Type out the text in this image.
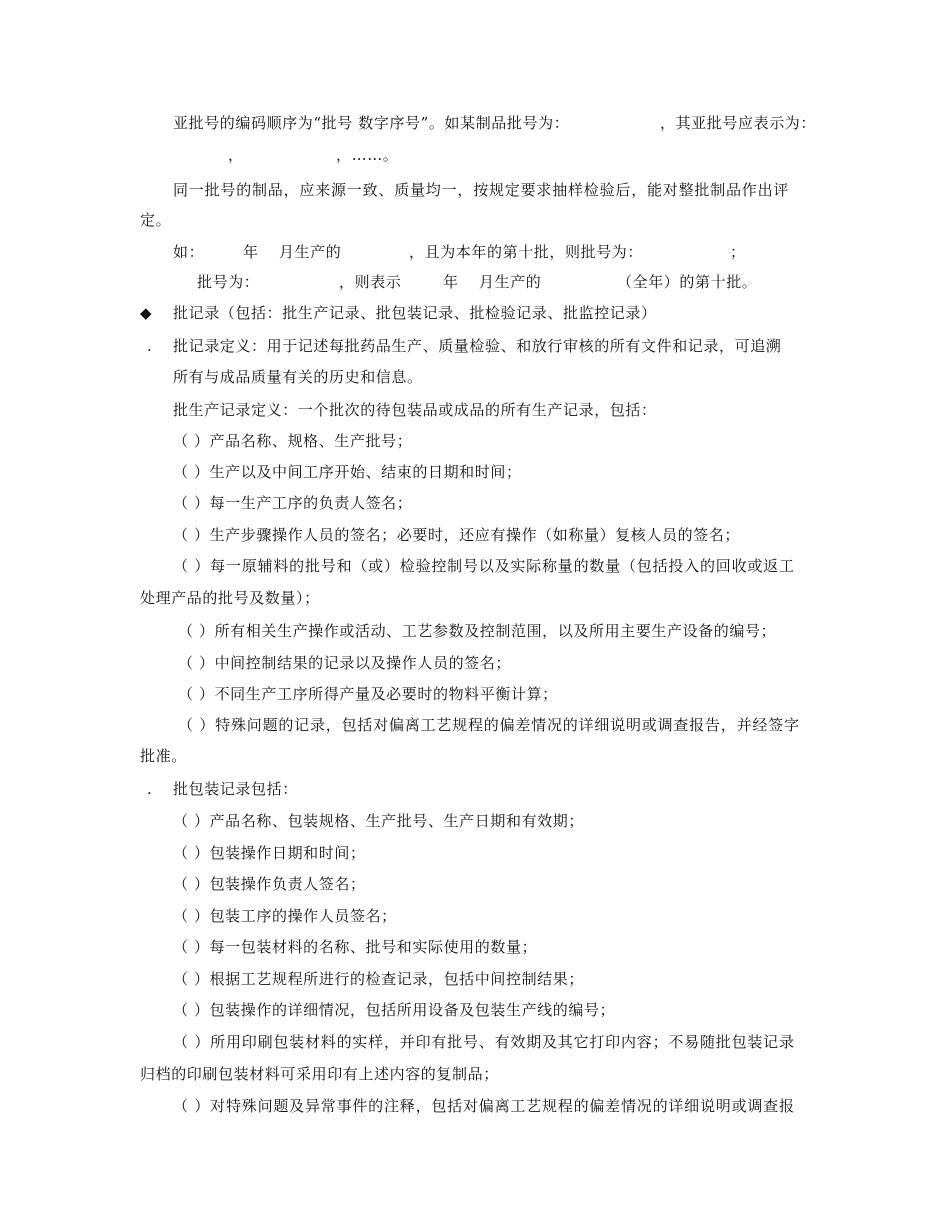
亚批号的编码顺序为“批号 数字序号”。如某制品批号为：	，其亚批号应表示为：
，	，……。
同一批号的制品，应来源一致、质量均一，按规定要求抽样检验后，能对整批制品作出评
定。
如：	年 月生产的	，且为本年的第十批，则批号为：	；
批号为：	，则表示	年 月生产的	（全年）的第十批。
◆ 批记录（包括：批生产记录、批包装记录、批检验记录、批监控记录）
. 批记录定义：用于记述每批药品生产、质量检验、和放行审核的所有文件和记录，可追溯
所有与成品质量有关的历史和信息。
批生产记录定义：一个批次的待包装品或成品的所有生产记录，包括：
（ ）产品名称、规格、生产批号；
（ ）生产以及中间工序开始、结束的日期和时间；
（ ）每一生产工序的负责人签名；
（ ）生产步骤操作人员的签名；必要时，还应有操作（如称量）复核人员的签名；
（ ）每一原辅料的批号和（或）检验控制号以及实际称量的数量（包括投入的回收或返工
处理产品的批号及数量）；
（ ）所有相关生产操作或活动、工艺参数及控制范围，以及所用主要生产设备的编号；
（ ）中间控制结果的记录以及操作人员的签名；
（ ）不同生产工序所得产量及必要时的物料平衡计算；
（ ）特殊问题的记录，包括对偏离工艺规程的偏差情况的详细说明或调查报告，并经签字
批准。
. 批包装记录包括：
（ ）产品名称、包装规格、生产批号、生产日期和有效期；
（ ）包装操作日期和时间；
（ ）包装操作负责人签名；
（ ）包装工序的操作人员签名；
（ ）每一包装材料的名称、批号和实际使用的数量；
（ ）根据工艺规程所进行的检查记录，包括中间控制结果；
（ ）包装操作的详细情况，包括所用设备及包装生产线的编号；
（ ）所用印刷包装材料的实样，并印有批号、有效期及其它打印内容；不易随批包装记录
归档的印刷包装材料可采用印有上述内容的复制品；
（ ）对特殊问题及异常事件的注释，包括对偏离工艺规程的偏差情况的详细说明或调查报
